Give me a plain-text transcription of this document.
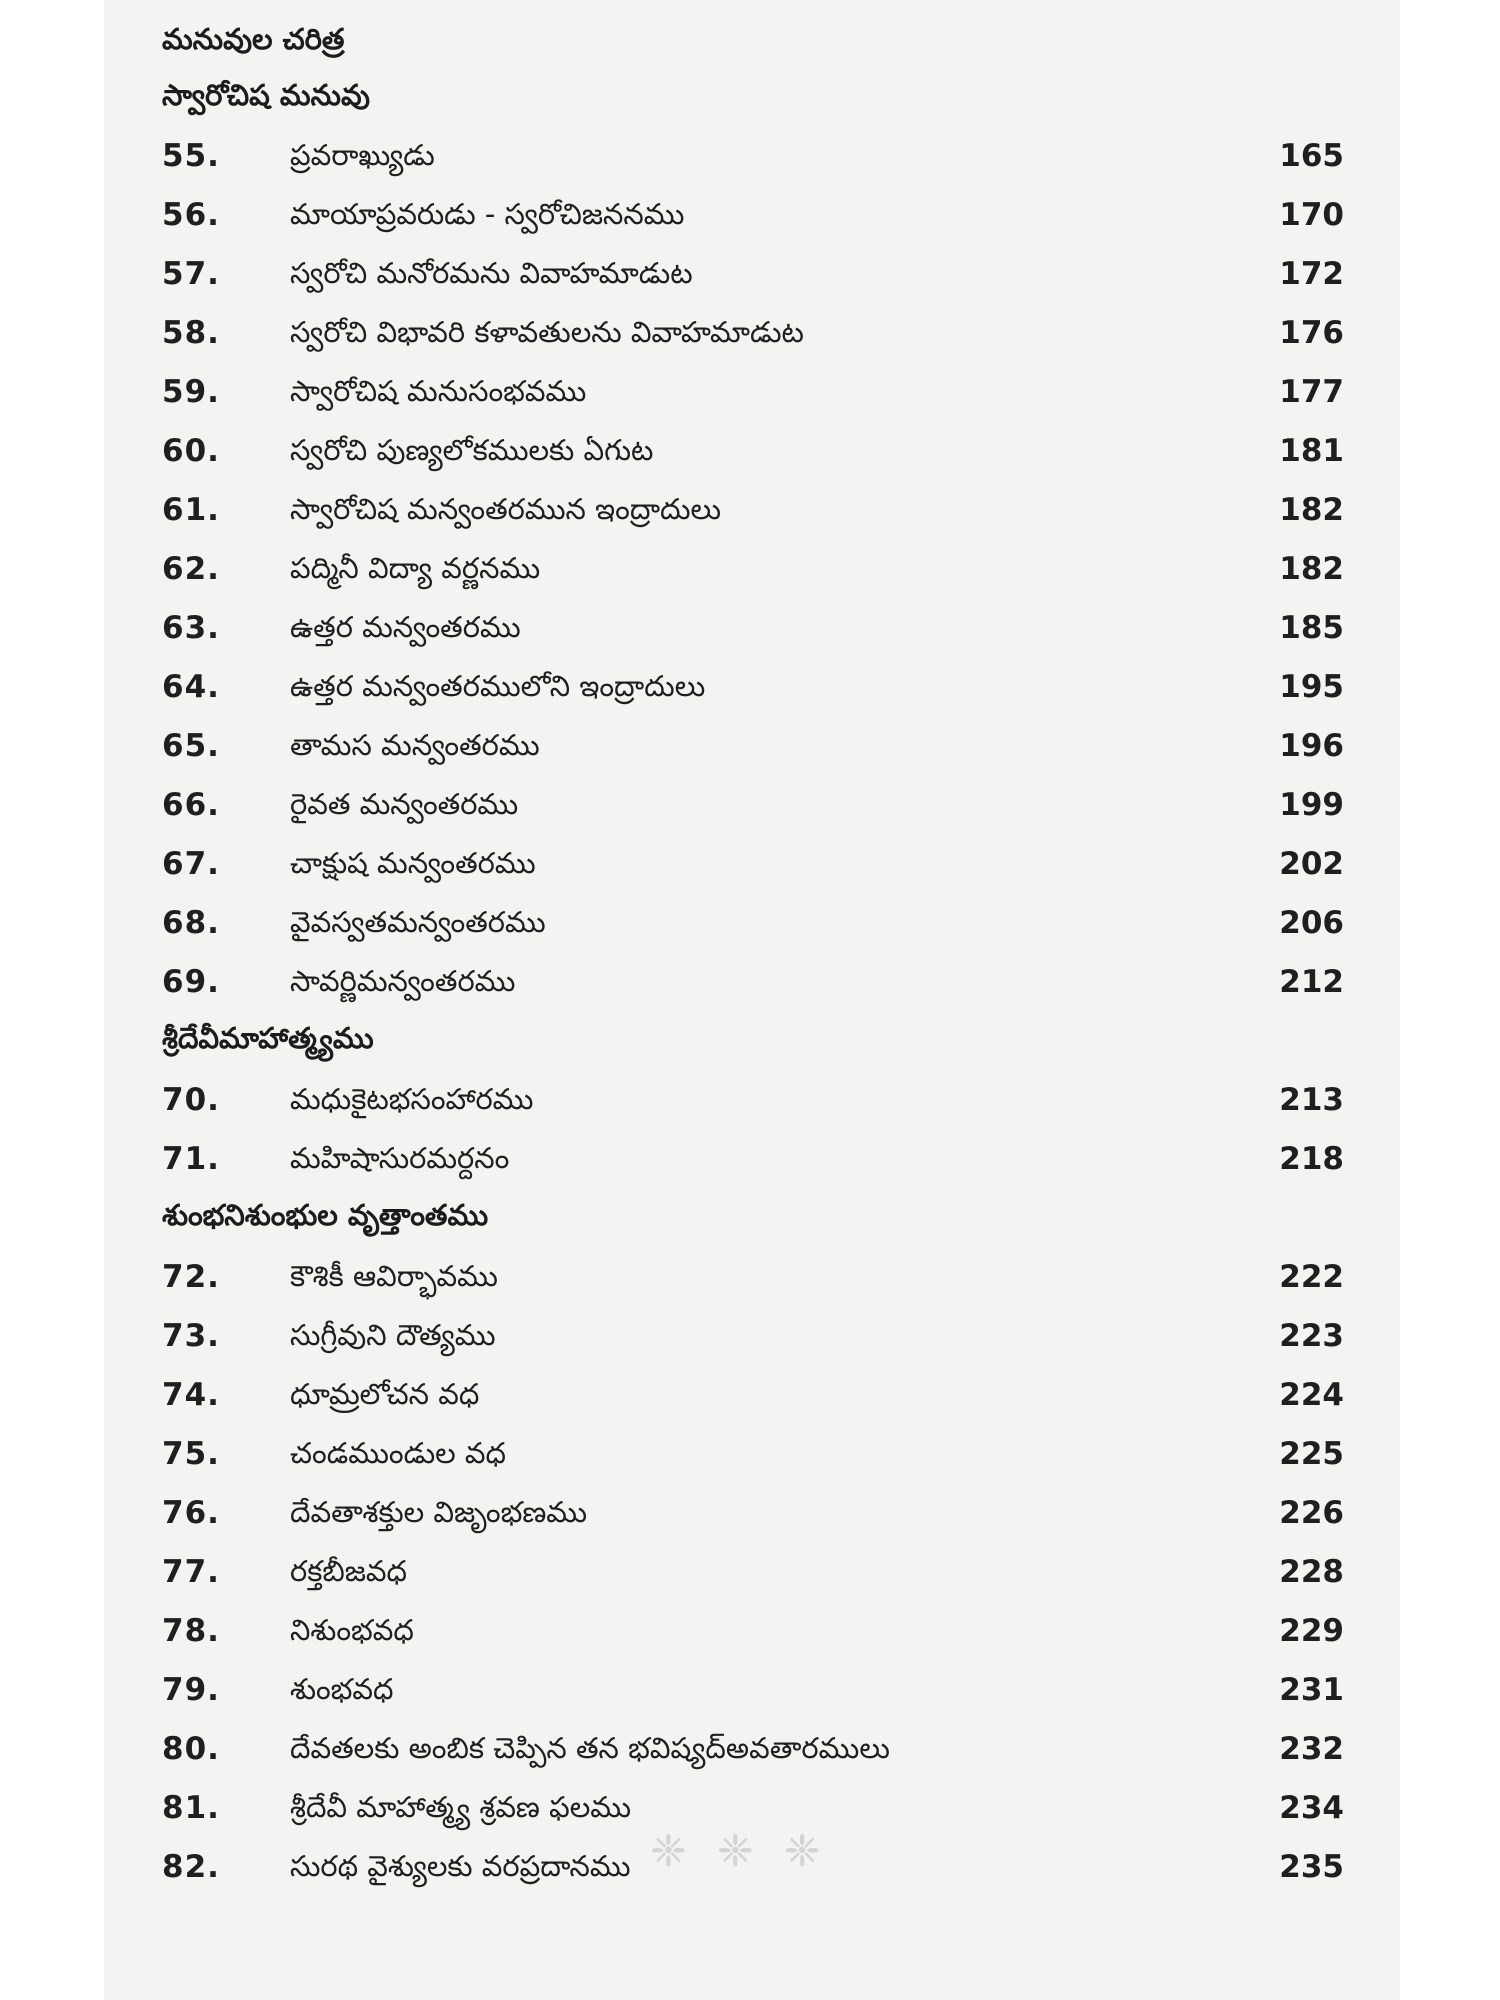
❈ ❈ ❈
మనువుల చరిత్ర
స్వారోచిష మనువు
55. ప్రవరాఖ్యుడు	165
56. మాయాప్రవరుడు - స్వరోచిజననము	170
57. స్వరోచి మనోరమను వివాహమాడుట	172
58. స్వరోచి విభావరి కళావతులను వివాహమాడుట	176
59. స్వారోచిష మనుసంభవము	177
60. స్వరోచి పుణ్యలోకములకు ఏగుట	181
61. స్వారోచిష మన్వంతరమున ఇంద్రాదులు	182
62. పద్మినీ విద్యా వర్ణనము	182
63. ఉత్తర మన్వంతరము	185
64. ఉత్తర మన్వంతరములోని ఇంద్రాదులు	195
65. తామస మన్వంతరము	196
66. రైవత మన్వంతరము	199
67. చాక్షుష మన్వంతరము	202
68. వైవస్వతమన్వంతరము	206
69. సావర్ణిమన్వంతరము	212
శ్రీదేవీమాహాత్మ్యము
70. మధుకైటభసంహారము	213
71. మహిషాసురమర్దనం	218
శుంభనిశుంభుల వృత్తాంతము
72. కౌశికీ ఆవిర్భావము	222
73. సుగ్రీవుని దౌత్యము	223
74. ధూమ్రలోచన వధ	224
75. చండముండుల వధ	225
76. దేవతాశక్తుల విజృంభణము	226
77. రక్తబీజవధ	228
78. నిశుంభవధ	229
79. శుంభవధ	231
80. దేవతలకు అంబిక చెప్పిన తన భవిష్యద్అవతారములు	232
81. శ్రీదేవీ మాహాత్మ్య శ్రవణ ఫలము	234
82. సురథ వైశ్యులకు వరప్రదానము	235
